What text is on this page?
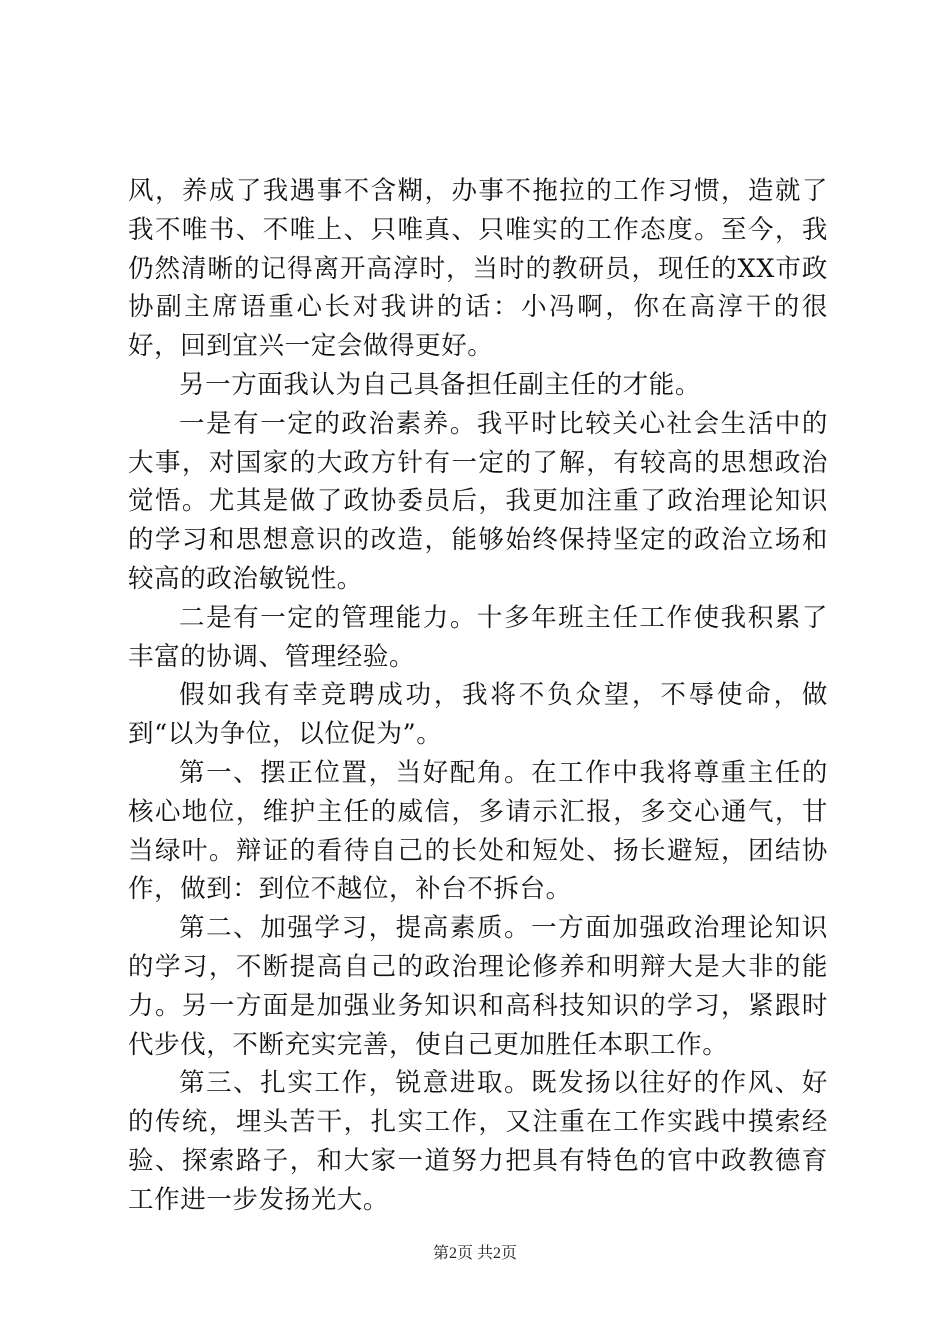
风，养成了我遇事不含糊，办事不拖拉的工作习惯，造就了我不唯书、不唯上、只唯真、只唯实的工作态度。至今，我仍然清晰的记得离开高淳时，当时的教研员，现任的XX市政协副主席语重心长对我讲的话：小冯啊，你在高淳干的很好，回到宜兴一定会做得更好。

另一方面我认为自己具备担任副主任的才能。

一是有一定的政治素养。我平时比较关心社会生活中的大事，对国家的大政方针有一定的了解，有较高的思想政治觉悟。尤其是做了政协委员后，我更加注重了政治理论知识的学习和思想意识的改造，能够始终保持坚定的政治立场和较高的政治敏锐性。

二是有一定的管理能力。十多年班主任工作使我积累了丰富的协调、管理经验。

假如我有幸竞聘成功，我将不负众望，不辱使命，做到“以为争位，以位促为”。

第一、摆正位置，当好配角。在工作中我将尊重主任的核心地位，维护主任的威信，多请示汇报，多交心通气，甘当绿叶。辩证的看待自己的长处和短处、扬长避短，团结协作，做到：到位不越位，补台不拆台。

第二、加强学习，提高素质。一方面加强政治理论知识的学习，不断提高自己的政治理论修养和明辩大是大非的能力。另一方面是加强业务知识和高科技知识的学习，紧跟时代步伐，不断充实完善，使自己更加胜任本职工作。

第三、扎实工作，锐意进取。既发扬以往好的作风、好的传统，埋头苦干，扎实工作，又注重在工作实践中摸索经验、探索路子，和大家一道努力把具有特色的官中政教德育工作进一步发扬光大。

第2页 共2页
